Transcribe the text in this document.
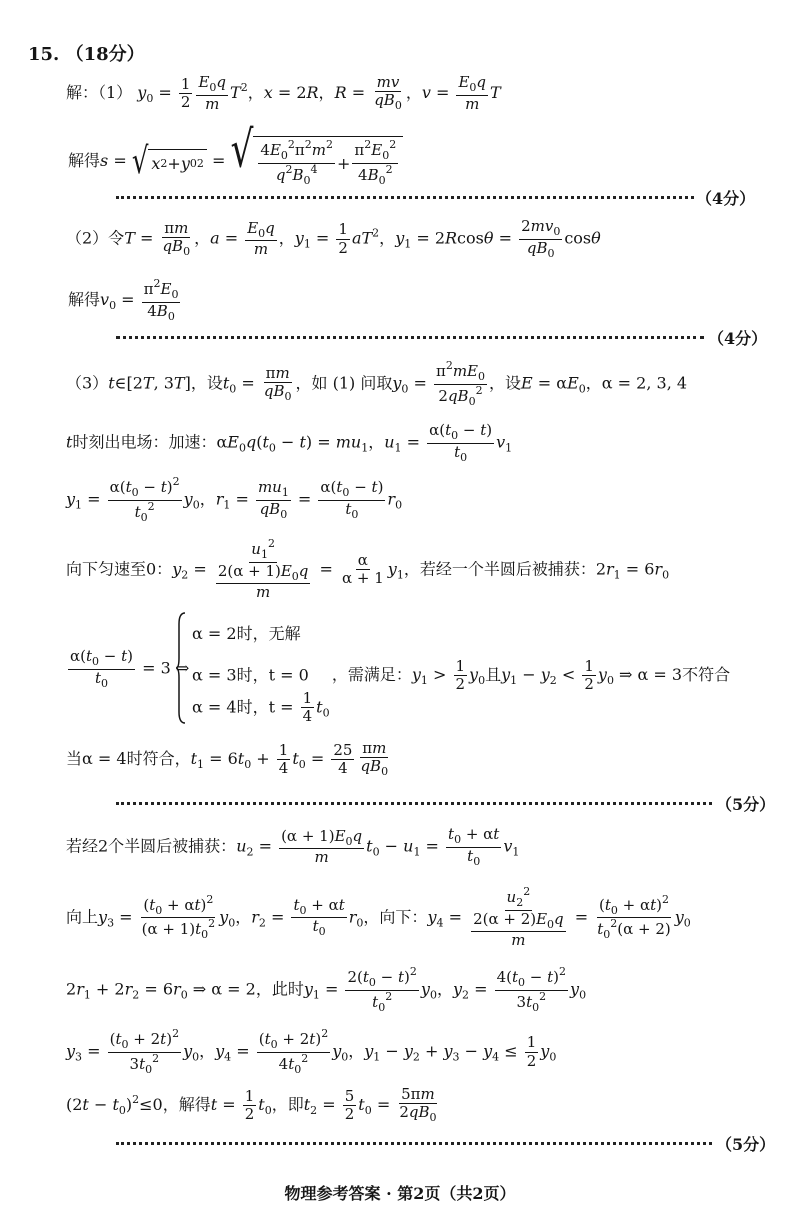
15. （18分）
解：（1） $y_0 = \frac{1}{2} \frac{E_0q}{m} T^2$，x = 2R，$R = \frac{mv}{qB_0}$ ，$v = \frac{E_0q}{m}$ T
解得s = √ x 2 + y 0 2 = √ $\frac{4E_0^2\pi^2m^2}{q^2B_0^4} + \frac{\pi^2E_0^2}{4B_0^2}$
（4分）
（2）令$T = \frac{\pi m}{qB_0}$ ，$a = \frac{E_0q}{m}$ ，$y_1 = \frac{1}{2} aT^2$，$y_1 = 2Rcos\theta = \frac{2mv_0}{qB_0}$ cosθ
解得$v_0 = \frac{\pi^2E_0}{4B_0}$
（4分）
（3）t∈[2T, 3T]，设$t_0 = \frac{\pi m}{qB_0}$ ，如 (1) 问取$y_0 = \frac{\pi^2mE_0}{2qB_0^2}$ ，设$E = \alpha E_0$，α = 2, 3, 4
t时刻出电场：加速：$\alpha E_0q(t_0 - t) = mu_1$，$u_1 = \frac{\alpha(t_0 - t)}{t_0} v_1$
$y_1 = \frac{\alpha(t_0 - t)^2}{t_0^2} y_0$，$r_1 = \frac{mu_1}{qB_0} = \frac{\alpha(t_0 - t)}{t_0} r_0$
向下匀速至0：$y_2 = \frac{u_1^2}{\frac{2(\alpha + 1)E_0q}{m}} = \frac{\alpha}{\alpha + 1} y_1$，若经一个半圆后被捕获：$2r_1 = 6r_0$
$\frac{\alpha(t_0 - t)}{t_0} = 3$ ⇒
α = 2时，无解
α = 3时，t = 0 ，需满足：$y_1 > \frac{1}{2} y_0$且$y_1 - y_2 < \frac{1}{2} y_0$ ⇒ α = 3不符合
α = 4时，$t = \frac{1}{4} t_0$
当α = 4时符合，$t_1 = 6t_0 + \frac{1}{4} t_0 = \frac{25}{4} \frac{\pi m}{qB_0}$
（5分）
若经2个半圆后被捕获：$u_2 = \frac{(\alpha + 1)E_0q}{m} t_0 - u_1 = \frac{t_0 + \alpha t}{t_0} v_1$
向上$y_3 = \frac{(t_0 + \alpha t)^2}{(\alpha + 1)t_0^2} y_0$，$r_2 = \frac{t_0 + \alpha t}{t_0} r_0$，向下：$y_4 = \frac{u_2^2}{\frac{2(\alpha + 2)E_0q}{m}} = \frac{(t_0 + \alpha t)^2}{t_0^2(\alpha + 2)} y_0$
$2r_1 + 2r_2 = 6r_0$ ⇒ α = 2，此时$y_1 = \frac{2(t_0 - t)^2}{t_0^2} y_0$，$y_2 = \frac{4(t_0 - t)^2}{3t_0^2} y_0$
$y_3 = \frac{(t_0 + 2t)^2}{3t_0^2} y_0$，$y_4 = \frac{(t_0 + 2t)^2}{4t_0^2} y_0$，$y_1 - y_2 + y_3 - y_4 \le \frac{1}{2} y_0$
$(2t - t_0)^2\le 0$，解得$t = \frac{1}{2} t_0$，即$t_2 = \frac{5}{2} t_0 = \frac{5\pi m}{2qB_0}$
（5分）
物理参考答案 · 第2页（共2页）
